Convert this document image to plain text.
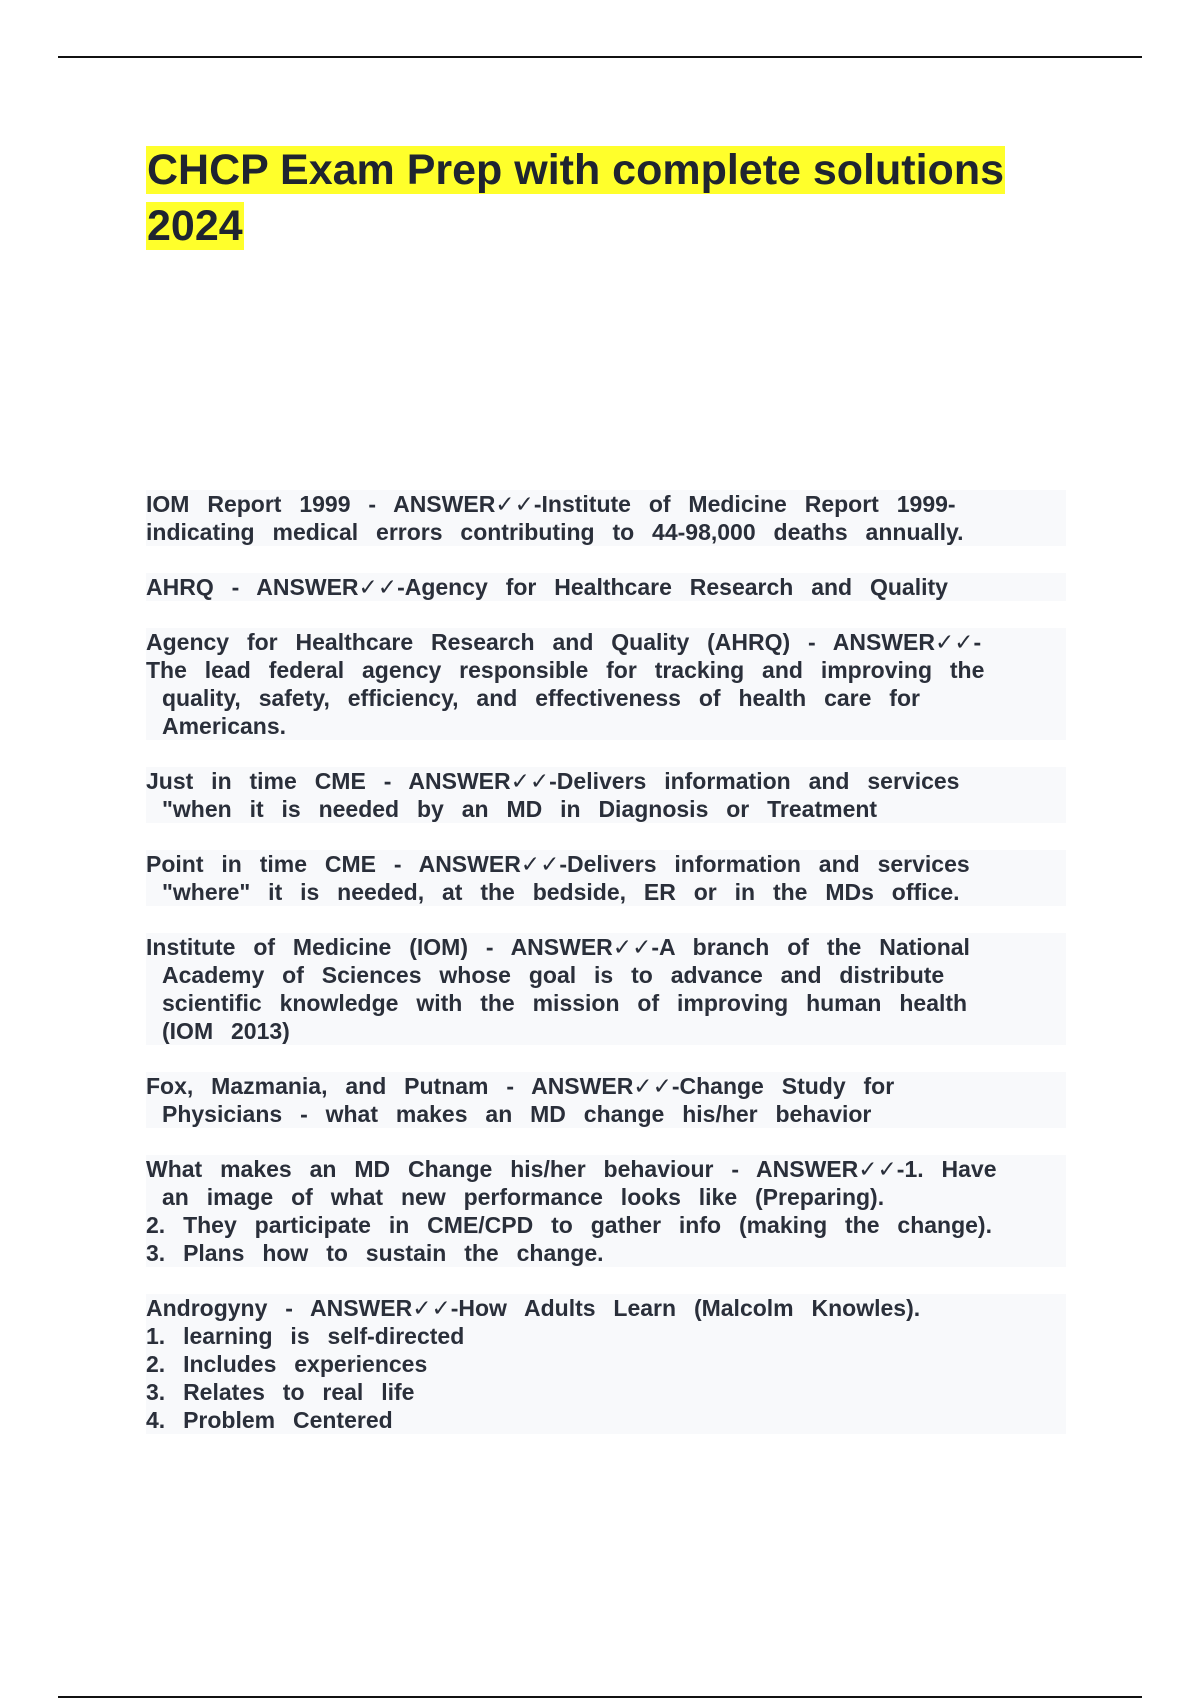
CHCP Exam Prep with complete solutions
2024

IOM Report 1999 - ANSWER✓✓-Institute of Medicine Report 1999-
indicating medical errors contributing to 44-98,000 deaths annually.

AHRQ - ANSWER✓✓-Agency for Healthcare Research and Quality

Agency for Healthcare Research and Quality (AHRQ) - ANSWER✓✓-
The lead federal agency responsible for tracking and improving the
quality, safety, efficiency, and effectiveness of health care for
Americans.

Just in time CME - ANSWER✓✓-Delivers information and services
"when it is needed by an MD in Diagnosis or Treatment

Point in time CME - ANSWER✓✓-Delivers information and services
"where" it is needed, at the bedside, ER or in the MDs office.

Institute of Medicine (IOM) - ANSWER✓✓-A branch of the National
Academy of Sciences whose goal is to advance and distribute
scientific knowledge with the mission of improving human health
(IOM 2013)

Fox, Mazmania, and Putnam - ANSWER✓✓-Change Study for
Physicians - what makes an MD change his/her behavior

What makes an MD Change his/her behaviour - ANSWER✓✓-1. Have
an image of what new performance looks like (Preparing).
2. They participate in CME/CPD to gather info (making the change).
3. Plans how to sustain the change.

Androgyny - ANSWER✓✓-How Adults Learn (Malcolm Knowles).
1. learning is self-directed
2. Includes experiences
3. Relates to real life
4. Problem Centered
